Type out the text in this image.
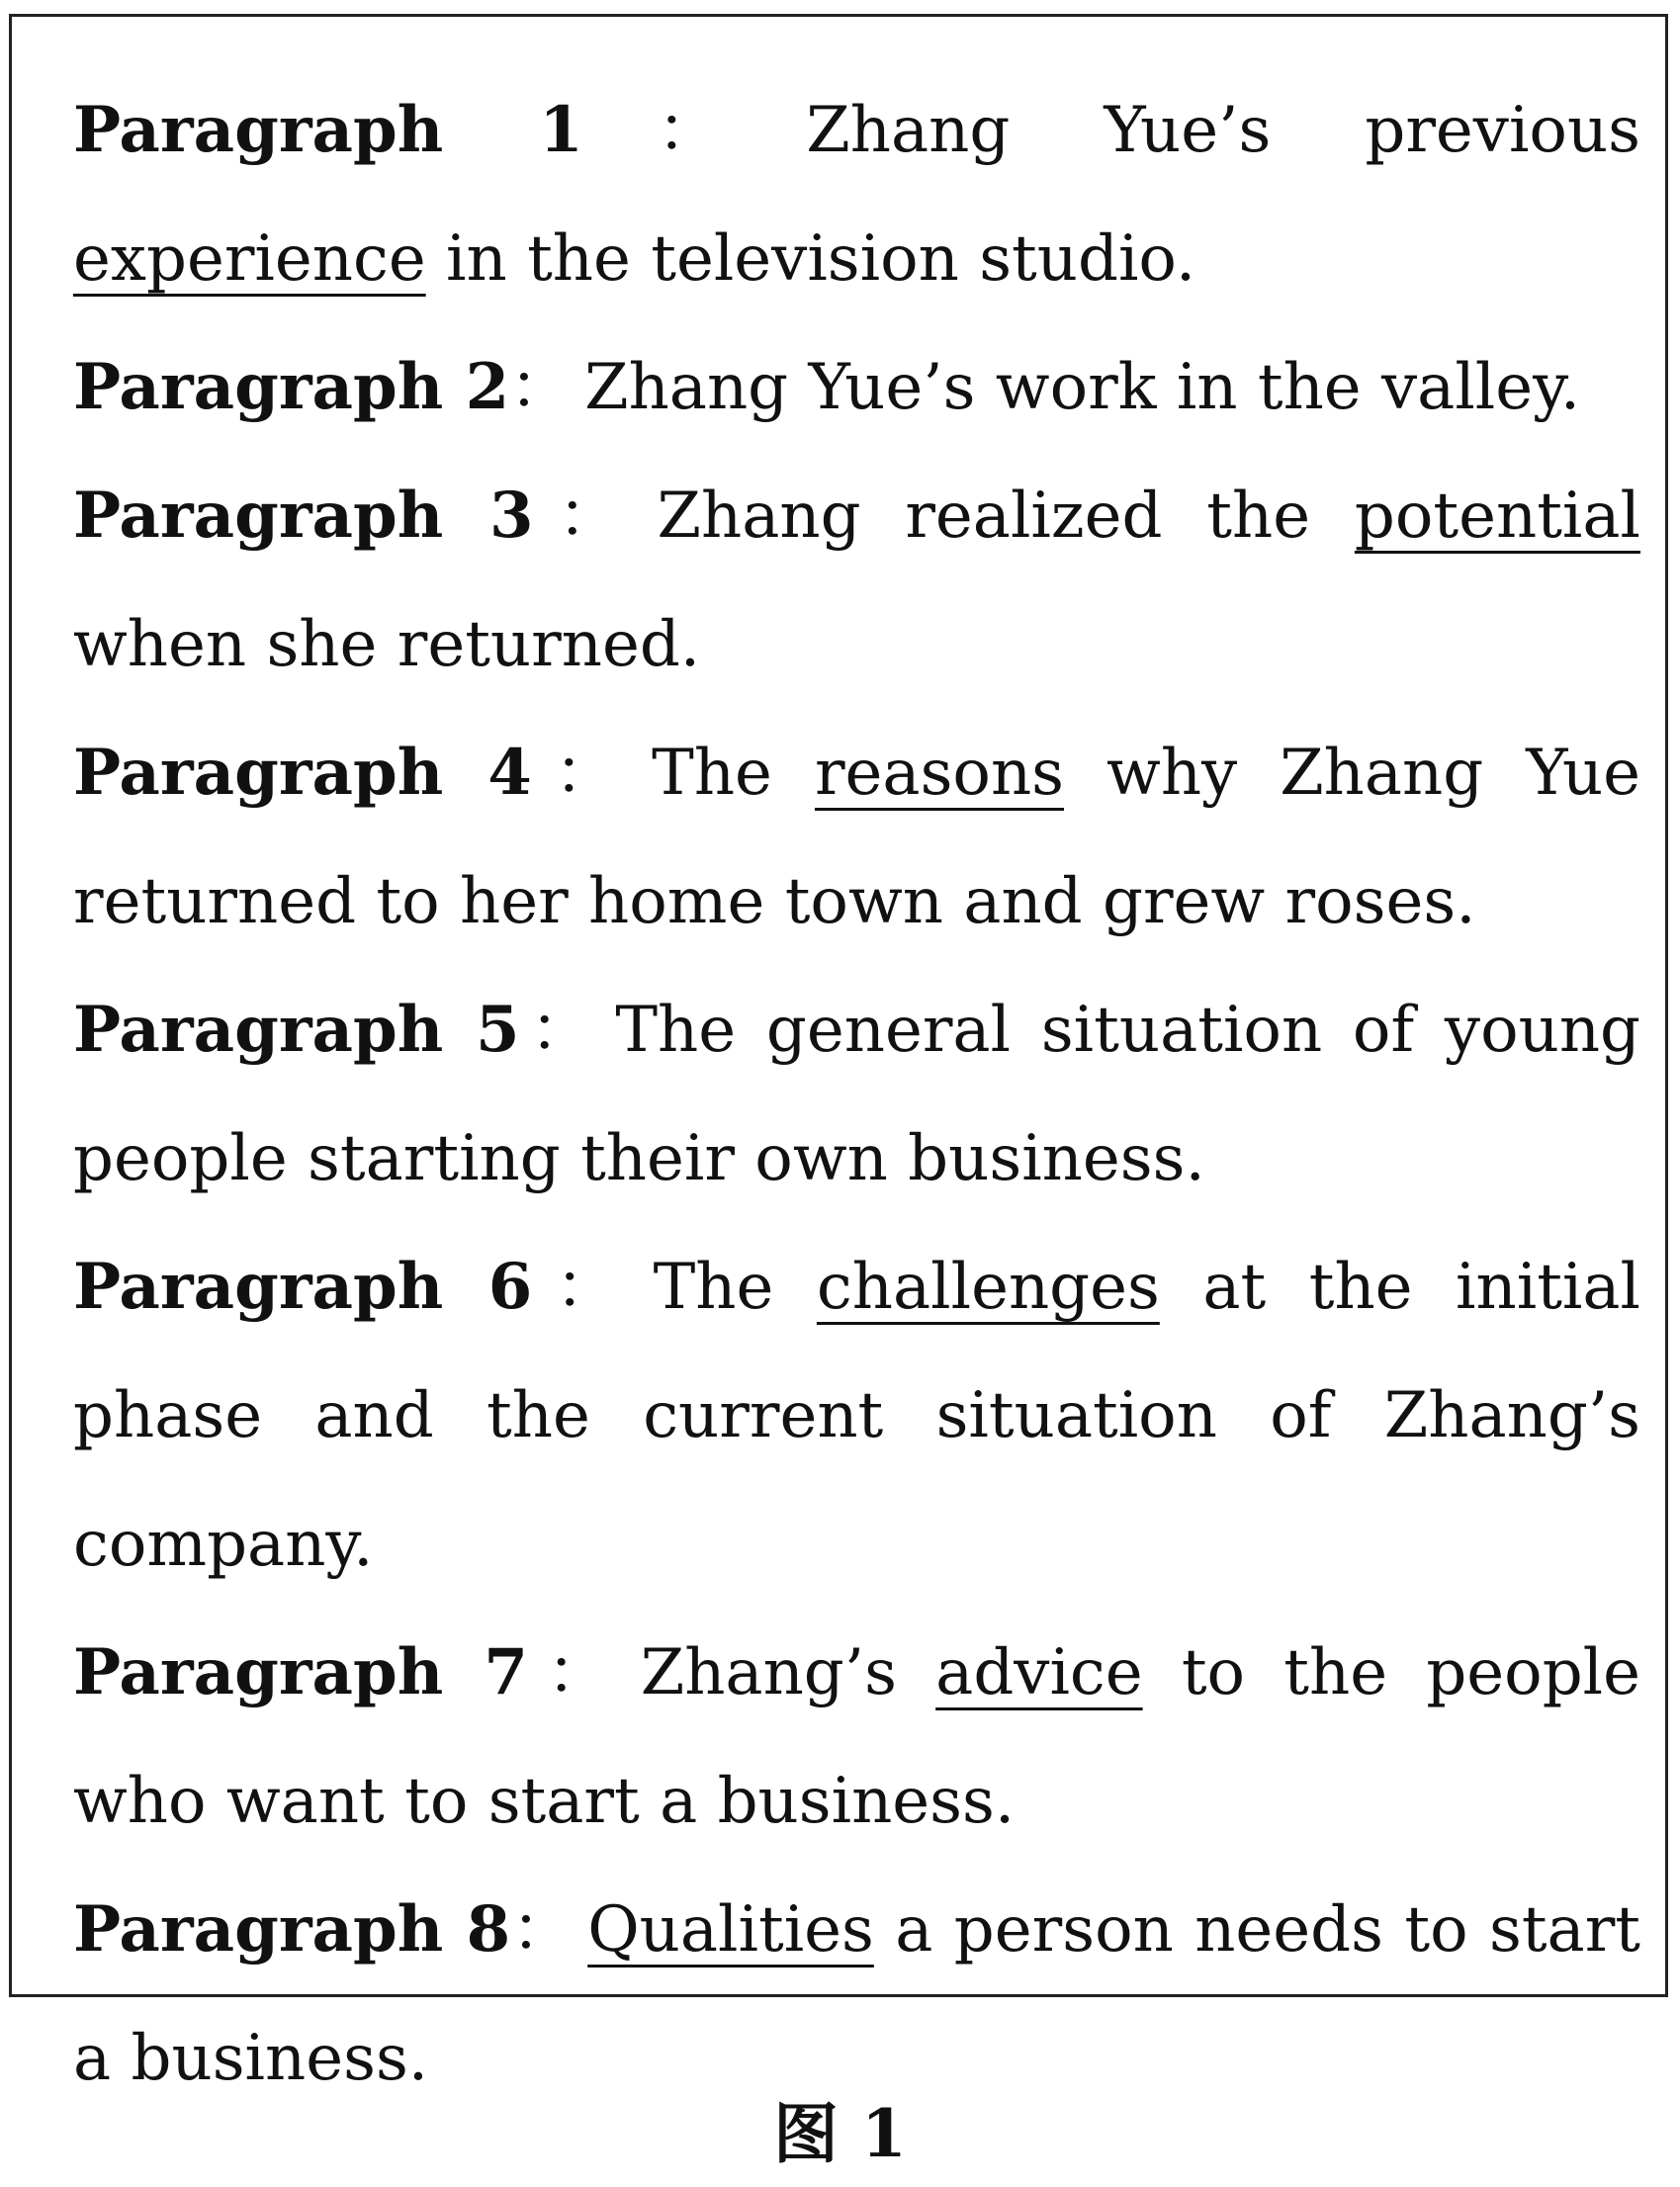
Paragraph 1： Zhang Yue’s previous experience in the television studio.

Paragraph 2： Zhang Yue’s work in the valley.

Paragraph 3： Zhang realized the potential when she returned.

Paragraph 4： The reasons why Zhang Yue returned to her home town and grew roses.

Paragraph 5： The general situation of young people starting their own business.

Paragraph 6： The challenges at the initial phase and the current situation of Zhang’s company.

Paragraph 7： Zhang’s advice to the people who want to start a business.

Paragraph 8： Qualities a person needs to start a business.

图 1
